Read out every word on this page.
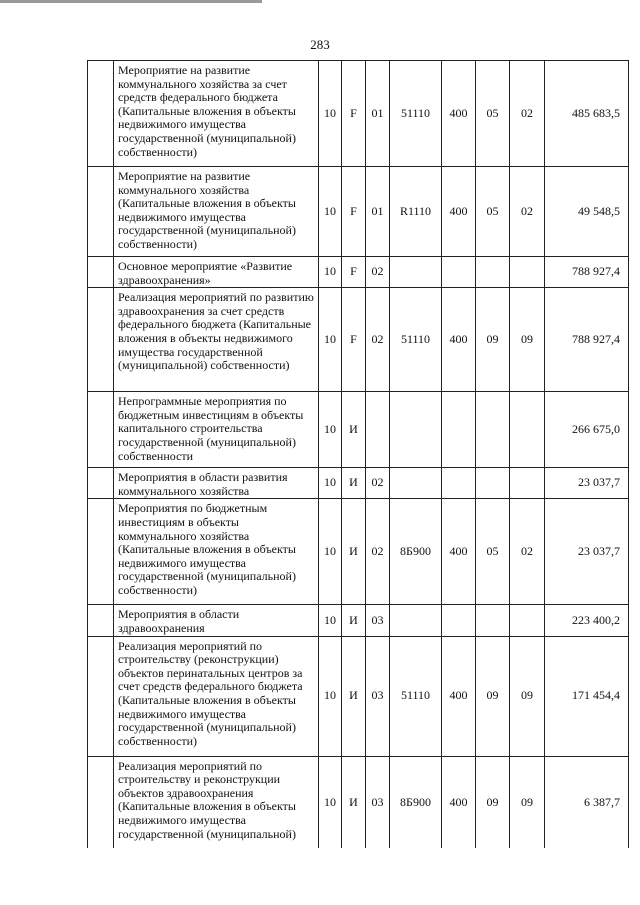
283
	Мероприятие на развитие коммунального хозяйства за счет средств федерального бюджета (Капитальные вложения в объекты недвижимого имущества государственной (муниципальной) собственности)	10	F	01	51110	400	05	02	485 683,5
	Мероприятие на развитие коммунального хозяйства (Капитальные вложения в объекты недвижимого имущества государственной (муниципальной) собственности)	10	F	01	R1110	400	05	02	49 548,5
	Основное мероприятие «Развитие здравоохранения»	10	F	02					788 927,4
	Реализация мероприятий по развитию здравоохранения за счет средств федерального бюджета (Капитальные вложения в объекты недвижимого имущества государственной (муниципальной) собственности)	10	F	02	51110	400	09	09	788 927,4
	Непрограммные мероприятия по бюджетным инвестициям в объекты капитального строительства государственной (муниципальной) собственности	10	И						266 675,0
	Мероприятия в области развития коммунального хозяйства	10	И	02					23 037,7
	Мероприятия по бюджетным инвестициям в объекты коммунального хозяйства (Капитальные вложения в объекты недвижимого имущества государственной (муниципальной) собственности)	10	И	02	8Б900	400	05	02	23 037,7
	Мероприятия в области здравоохранения	10	И	03					223 400,2
	Реализация мероприятий по строительству (реконструкции) объектов перинатальных центров за счет средств федерального бюджета (Капитальные вложения в объекты недвижимого имущества государственной (муниципальной) собственности)	10	И	03	51110	400	09	09	171 454,4
	Реализация мероприятий по строительству и реконструкции объектов здравоохранения (Капитальные вложения в объекты недвижимого имущества государственной (муниципальной)	10	И	03	8Б900	400	09	09	6 387,7
